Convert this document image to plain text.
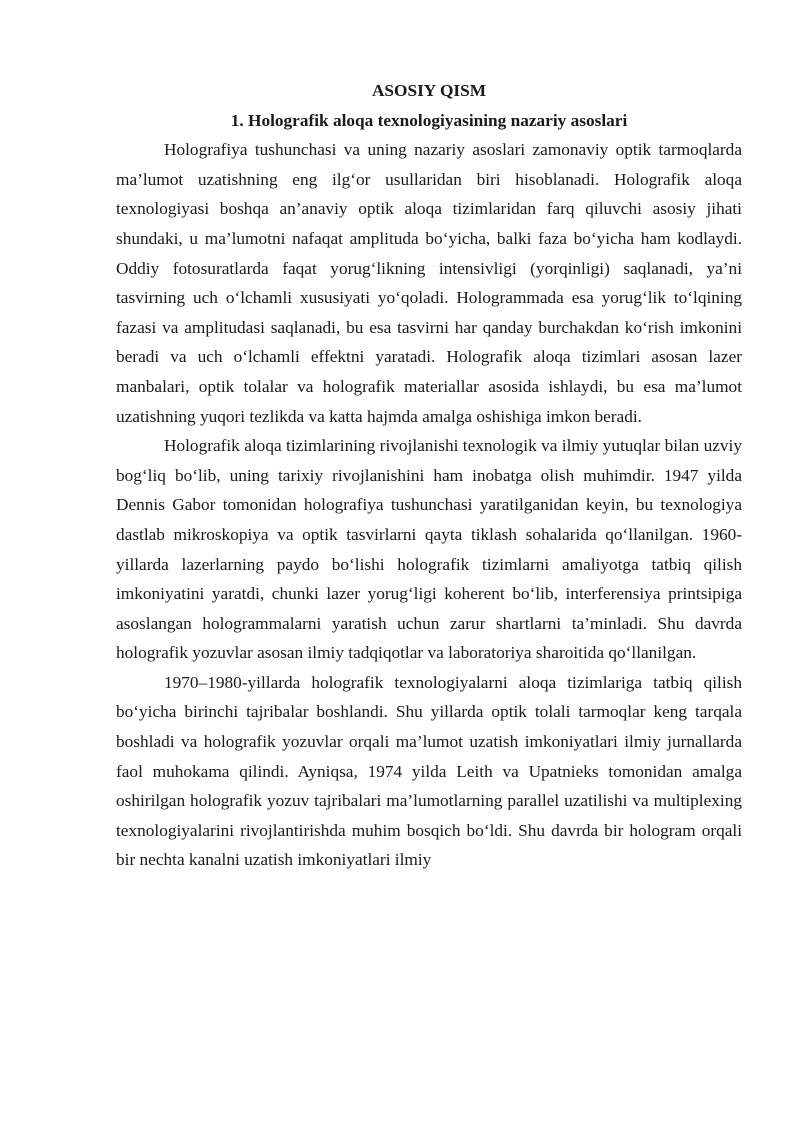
ASOSIY QISM

1. Holografik aloqa texnologiyasining nazariy asoslari

Holografiya tushunchasi va uning nazariy asoslari zamonaviy optik tarmoqlarda ma’lumot uzatishning eng ilg‘or usullaridan biri hisoblanadi. Holografik aloqa texnologiyasi boshqa an’anaviy optik aloqa tizimlaridan farq qiluvchi asosiy jihati shundaki, u ma’lumotni nafaqat amplituda bo‘yicha, balki faza bo‘yicha ham kodlaydi. Oddiy fotosuratlarda faqat yorug‘likning intensivligi (yorqinligi) saqlanadi, ya’ni tasvirning uch o‘lchamli xususiyati yo‘qoladi. Hologrammada esa yorug‘lik to‘lqining fazasi va amplitudasi saqlanadi, bu esa tasvirni har qanday burchakdan ko‘rish imkonini beradi va uch o‘lchamli effektni yaratadi. Holografik aloqa tizimlari asosan lazer manbalari, optik tolalar va holografik materiallar asosida ishlaydi, bu esa ma’lumot uzatishning yuqori tezlikda va katta hajmda amalga oshishiga imkon beradi.

Holografik aloqa tizimlarining rivojlanishi texnologik va ilmiy yutuqlar bilan uzviy bog‘liq bo‘lib, uning tarixiy rivojlanishini ham inobatga olish muhimdir. 1947 yilda Dennis Gabor tomonidan holografiya tushunchasi yaratilganidan keyin, bu texnologiya dastlab mikroskopiya va optik tasvirlarni qayta tiklash sohalarida qo‘llanilgan. 1960-yillarda lazerlarning paydo bo‘lishi holografik tizimlarni amaliyotga tatbiq qilish imkoniyatini yaratdi, chunki lazer yorug‘ligi koherent bo‘lib, interferensiya printsipiga asoslangan hologrammalarni yaratish uchun zarur shartlarni ta’minladi. Shu davrda holografik yozuvlar asosan ilmiy tadqiqotlar va laboratoriya sharoitida qo‘llanilgan.

1970–1980-yillarda holografik texnologiyalarni aloqa tizimlariga tatbiq qilish bo‘yicha birinchi tajribalar boshlandi. Shu yillarda optik tolali tarmoqlar keng tarqala boshladi va holografik yozuvlar orqali ma’lumot uzatish imkoniyatlari ilmiy jurnallarda faol muhokama qilindi. Ayniqsa, 1974 yilda Leith va Upatnieks tomonidan amalga oshirilgan holografik yozuv tajribalari ma’lumotlarning parallel uzatilishi va multiplexing texnologiyalarini rivojlantirishda muhim bosqich bo‘ldi. Shu davrda bir hologram orqali bir nechta kanalni uzatish imkoniyatlari ilmiy
